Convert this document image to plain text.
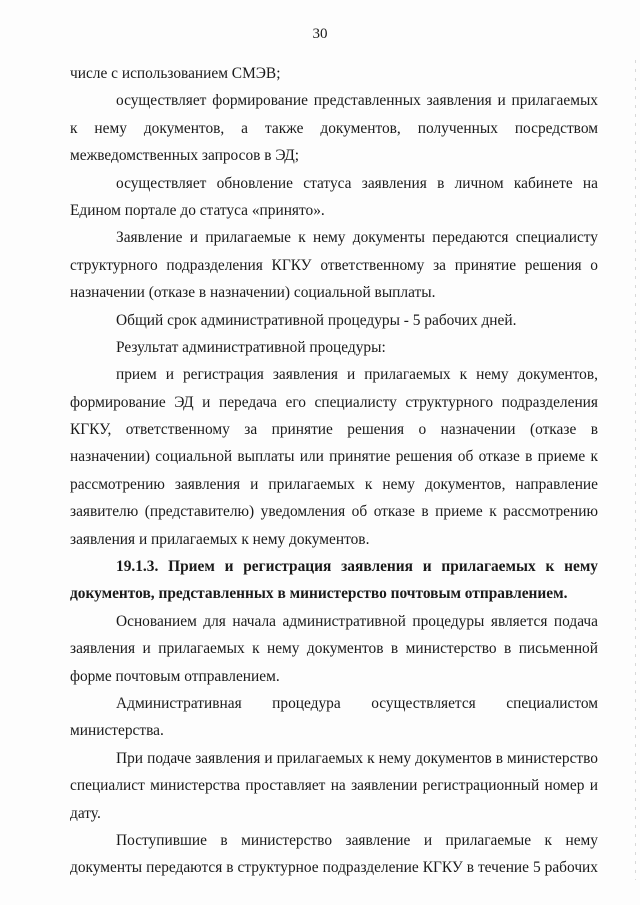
30
числе с использованием СМЭВ;
осуществляет формирование представленных заявления и прилагаемых
к нему документов, а также документов, полученных посредством
межведомственных запросов в ЭД;
осуществляет обновление статуса заявления в личном кабинете на
Едином портале до статуса «принято».
Заявление и прилагаемые к нему документы передаются специалисту
структурного подразделения КГКУ ответственному за принятие решения о
назначении (отказе в назначении) социальной выплаты.
Общий срок административной процедуры - 5 рабочих дней.
Результат административной процедуры:
прием и регистрация заявления и прилагаемых к нему документов,
формирование ЭД и передача его специалисту структурного подразделения
КГКУ, ответственному за принятие решения о назначении (отказе в
назначении) социальной выплаты или принятие решения об отказе в приеме к
рассмотрению заявления и прилагаемых к нему документов, направление
заявителю (представителю) уведомления об отказе в приеме к рассмотрению
заявления и прилагаемых к нему документов.
19.1.3. Прием и регистрация заявления и прилагаемых к нему
документов, представленных в министерство почтовым отправлением.
Основанием для начала административной процедуры является подача
заявления и прилагаемых к нему документов в министерство в письменной
форме почтовым отправлением.
Административная процедура осуществляется специалистом
министерства.
При подаче заявления и прилагаемых к нему документов в министерство
специалист министерства проставляет на заявлении регистрационный номер и
дату.
Поступившие в министерство заявление и прилагаемые к нему
документы передаются в структурное подразделение КГКУ в течение 5 рабочих
